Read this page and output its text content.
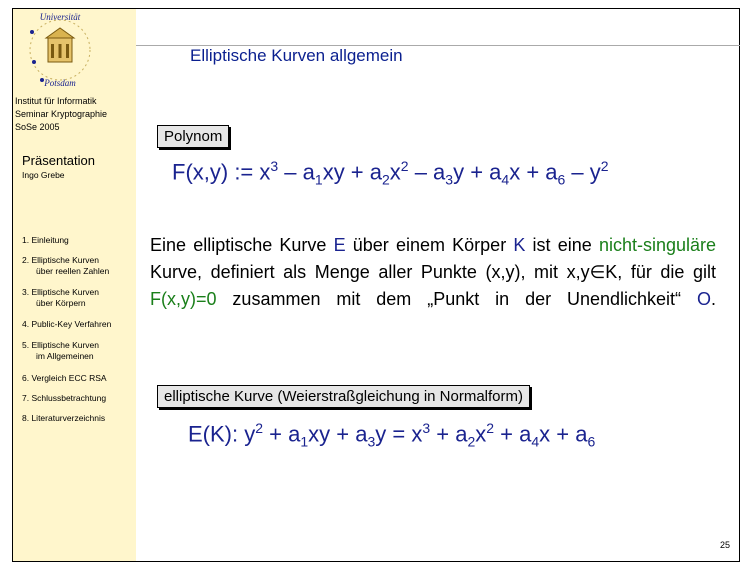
Universität
Potsdam
Elliptische Kurven allgemein
Institut für Informatik
Seminar Kryptographie
SoSe 2005
Präsentation
Ingo Grebe
1. Einleitung
2. Elliptische Kurven
über reellen Zahlen
3. Elliptische Kurven
über Körpern
4. Public-Key Verfahren
5. Elliptische Kurven
im Allgemeinen
6. Vergleich ECC RSA
7. Schlussbetrachtung
8. Literaturverzeichnis
Polynom
F(x,y) := $x^3 - a_1xy + a_2x^2 - a_3y + a_4x + a_6 - y^2$
Eine elliptische Kurve E über einem Körper K ist eine nicht-singuläre Kurve, definiert als Menge aller Punkte (x,y), mit x,y∈K, für die gilt F(x,y)=0 zusammen mit dem „Punkt in der Unendlichkeit“ O.
elliptische Kurve (Weierstraßgleichung in Normalform)
E(K): $y^2 + a_1xy + a_3y = x^3 + a_2x^2 + a_4x + a_6$
25
